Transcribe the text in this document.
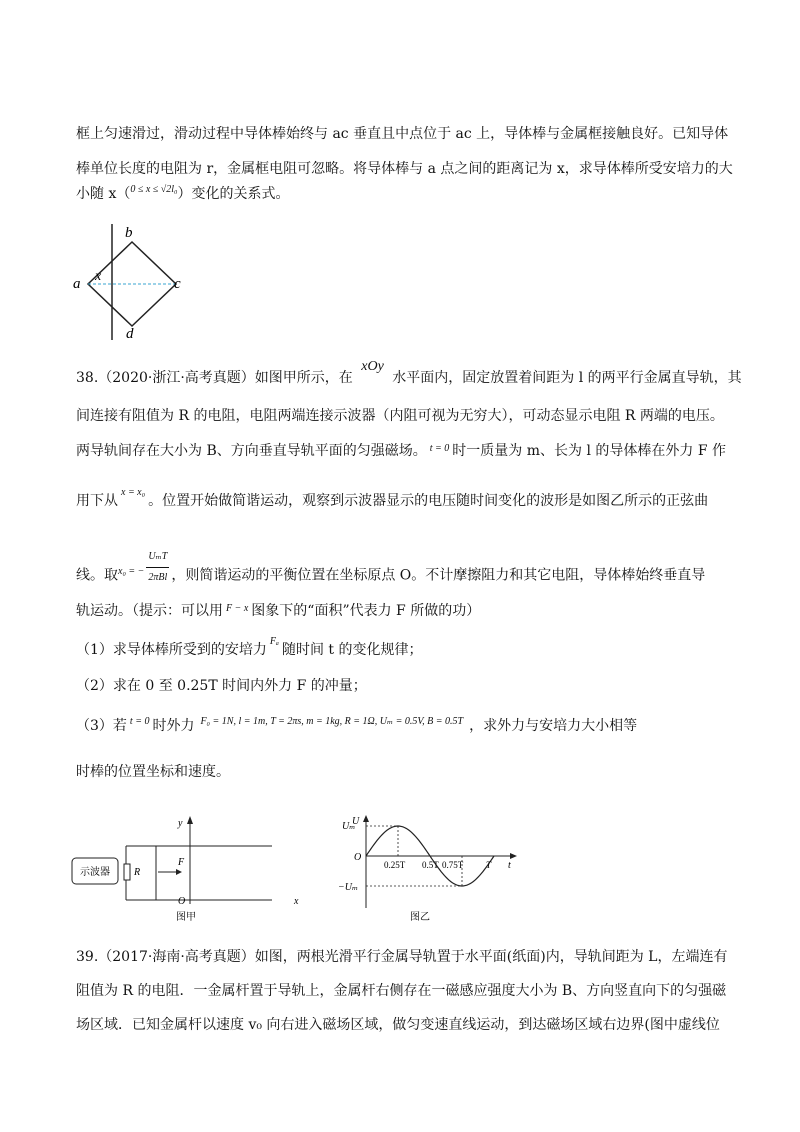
框上匀速滑过，滑动过程中导体棒始终与 ac 垂直且中点位于 ac 上，导体棒与金属框接触良好。已知导体
棒单位长度的电阻为 r，金属框电阻可忽略。将导体棒与 a 点之间的距离记为 x，求导体棒所受安培力的大
小随 x（$^{0 \le x \le √2l_0}$）变化的关系式。
a
b
c
d
x
38.（2020·浙江·高考真题）如图甲所示，在 xOy 水平面内，固定放置着间距为 l 的两平行金属直导轨，其
间连接有阻值为 R 的电阻，电阻两端连接示波器（内阻可视为无穷大），可动态显示电阻 R 两端的电压。
两导轨间存在大小为 B、方向垂直导轨平面的匀强磁场。 $^{t = 0}$ 时一质量为 m、长为 l 的导体棒在外力 F 作
用下从$^{x = x_0}$。位置开始做简谐运动，观察到示波器显示的电压随时间变化的波形是如图乙所示的正弦曲
线。取$^{x_0 = -}$
UₘT
2πBl ，则简谐运动的平衡位置在坐标原点 O。不计摩擦阻力和其它电阻，导体棒始终垂直导
轨运动。（提示：可以用 $^{F - x}$ 图象下的“面积”代表力 F 所做的功）
（1）求导体棒所受到的安培力$^{F_a}$随时间 t 的变化规律；
（2）求在 0 至 0.25T 时间内外力 F 的冲量；
（3）若 $^{t = 0}$ 时外力 $^{F_0 = 1N, l = 1m, T = 2\pi s, m = 1kg, R = 1\Omega, U_m = 0.5V, B = 0.5T}$ ，求外力与安培力大小相等
时棒的位置坐标和速度。
示波器 R
F
y
O	x
图甲
U
Uₘ
O
−Uₘ
0.25T 0.5T 0.75T	T t
图乙
39.（2017·海南·高考真题）如图，两根光滑平行金属导轨置于水平面(纸面)内，导轨间距为 L，左端连有
阻值为 R 的电阻．一金属杆置于导轨上，金属杆右侧存在一磁感应强度大小为 B、方向竖直向下的匀强磁
场区域．已知金属杆以速度 v₀ 向右进入磁场区域，做匀变速直线运动，到达磁场区域右边界(图中虚线位
